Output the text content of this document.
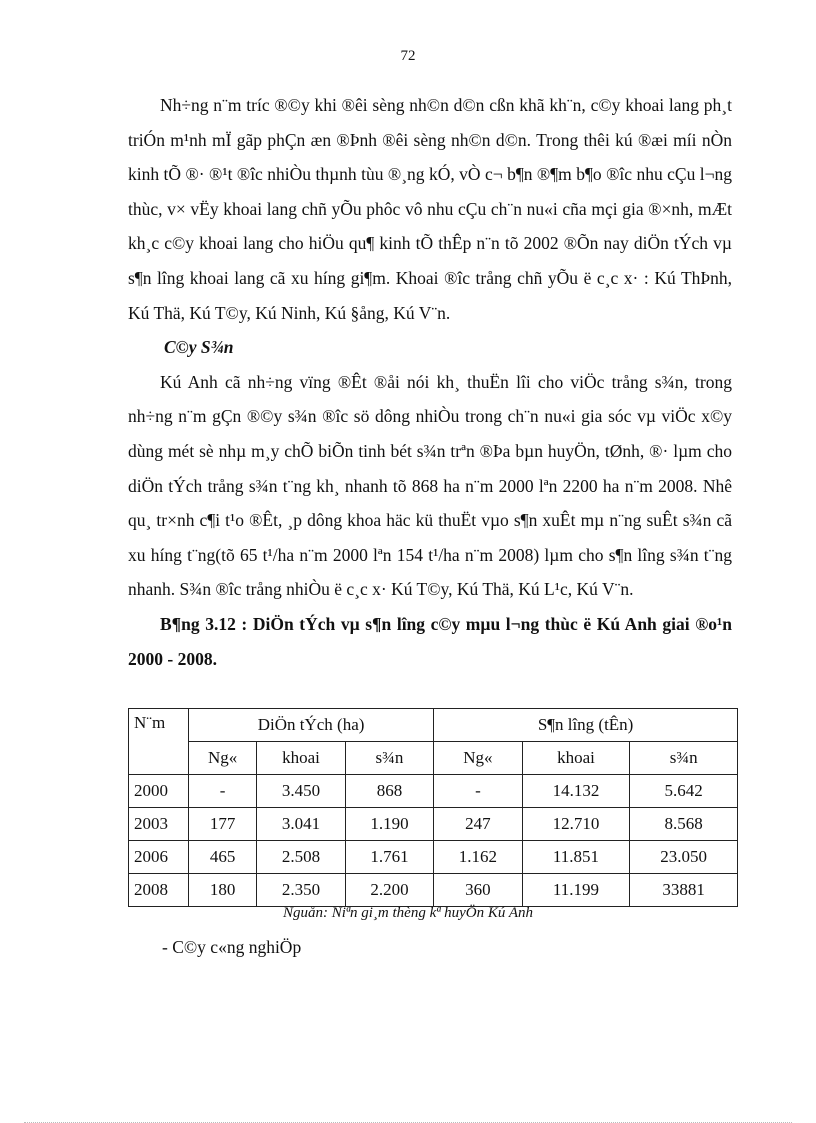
72

Nh÷ng n¨m tríc ®©y khi ®êi sèng nh©n d©n cßn khã kh¨n, c©y khoai lang ph¸t triÓn m¹nh mÏ gãp phÇn æn ®Þnh ®êi sèng nh©n d©n. Trong thêi kú ®æi míi nÒn kinh tÕ ®· ®¹t ®îc nhiÒu thµnh tùu ®¸ng kÓ, vÒ c¬ b¶n ®¶m b¶o ®îc nhu cÇu l¬ng thùc, v× vËy khoai lang chñ yÕu phôc vô nhu cÇu ch¨n nu«i cña mçi gia ®×nh, mÆt kh¸c c©y khoai lang cho hiÖu qu¶ kinh tÕ thÊp n¨n tõ 2002 ®Õn nay diÖn tÝch vµ s¶n lîng khoai lang cã xu híng gi¶m. Khoai ®îc trång chñ yÕu ë c¸c x· : Kú ThÞnh, Kú Thä, Kú T©y, Kú Ninh, Kú §ång, Kú V¨n.

C©y S¾n

Kú Anh cã nh÷ng vïng ®Êt ®åi nói kh¸ thuËn lîi cho viÖc trång s¾n, trong nh÷ng n¨m gÇn ®©y s¾n ®îc sö dông nhiÒu trong ch¨n nu«i gia sóc vµ viÖc x©y dùng mét sè nhµ m¸y chÕ biÕn tinh bét s¾n trªn ®Þa bµn huyÖn, tØnh, ®· lµm cho diÖn tÝch trång s¾n t¨ng kh¸ nhanh tõ 868 ha n¨m 2000 lªn 2200 ha n¨m 2008. Nhê qu¸ tr×nh c¶i t¹o ®Êt, ¸p dông khoa häc kü thuËt vµo s¶n xuÊt mµ n¨ng suÊt s¾n cã xu híng t¨ng(tõ 65 t¹/ha n¨m 2000 lªn 154 t¹/ha n¨m 2008) lµm cho s¶n lîng s¾n t¨ng nhanh. S¾n ®îc trång nhiÒu ë c¸c x· Kú T©y, Kú Thä, Kú L¹c, Kú V¨n.

B¶ng 3.12 : DiÖn tÝch vµ s¶n lîng c©y mµu l¬ng thùc ë Kú Anh giai ®o¹n 2000 - 2008.

N¨m	DiÖn tÝch (ha)			S¶n lîng (tÊn)		
	Ng«	khoai	s¾n	Ng«	khoai	s¾n
2000	-	3.450	868	-	14.132	5.642
2003	177	3.041	1.190	247	12.710	8.568
2006	465	2.508	1.761	1.162	11.851	23.050
2008	180	2.350	2.200	360	11.199	33881
Nguån: Niªn gi¸m thèng kª huyÖn Kú Anh
- C©y c«ng nghiÖp
